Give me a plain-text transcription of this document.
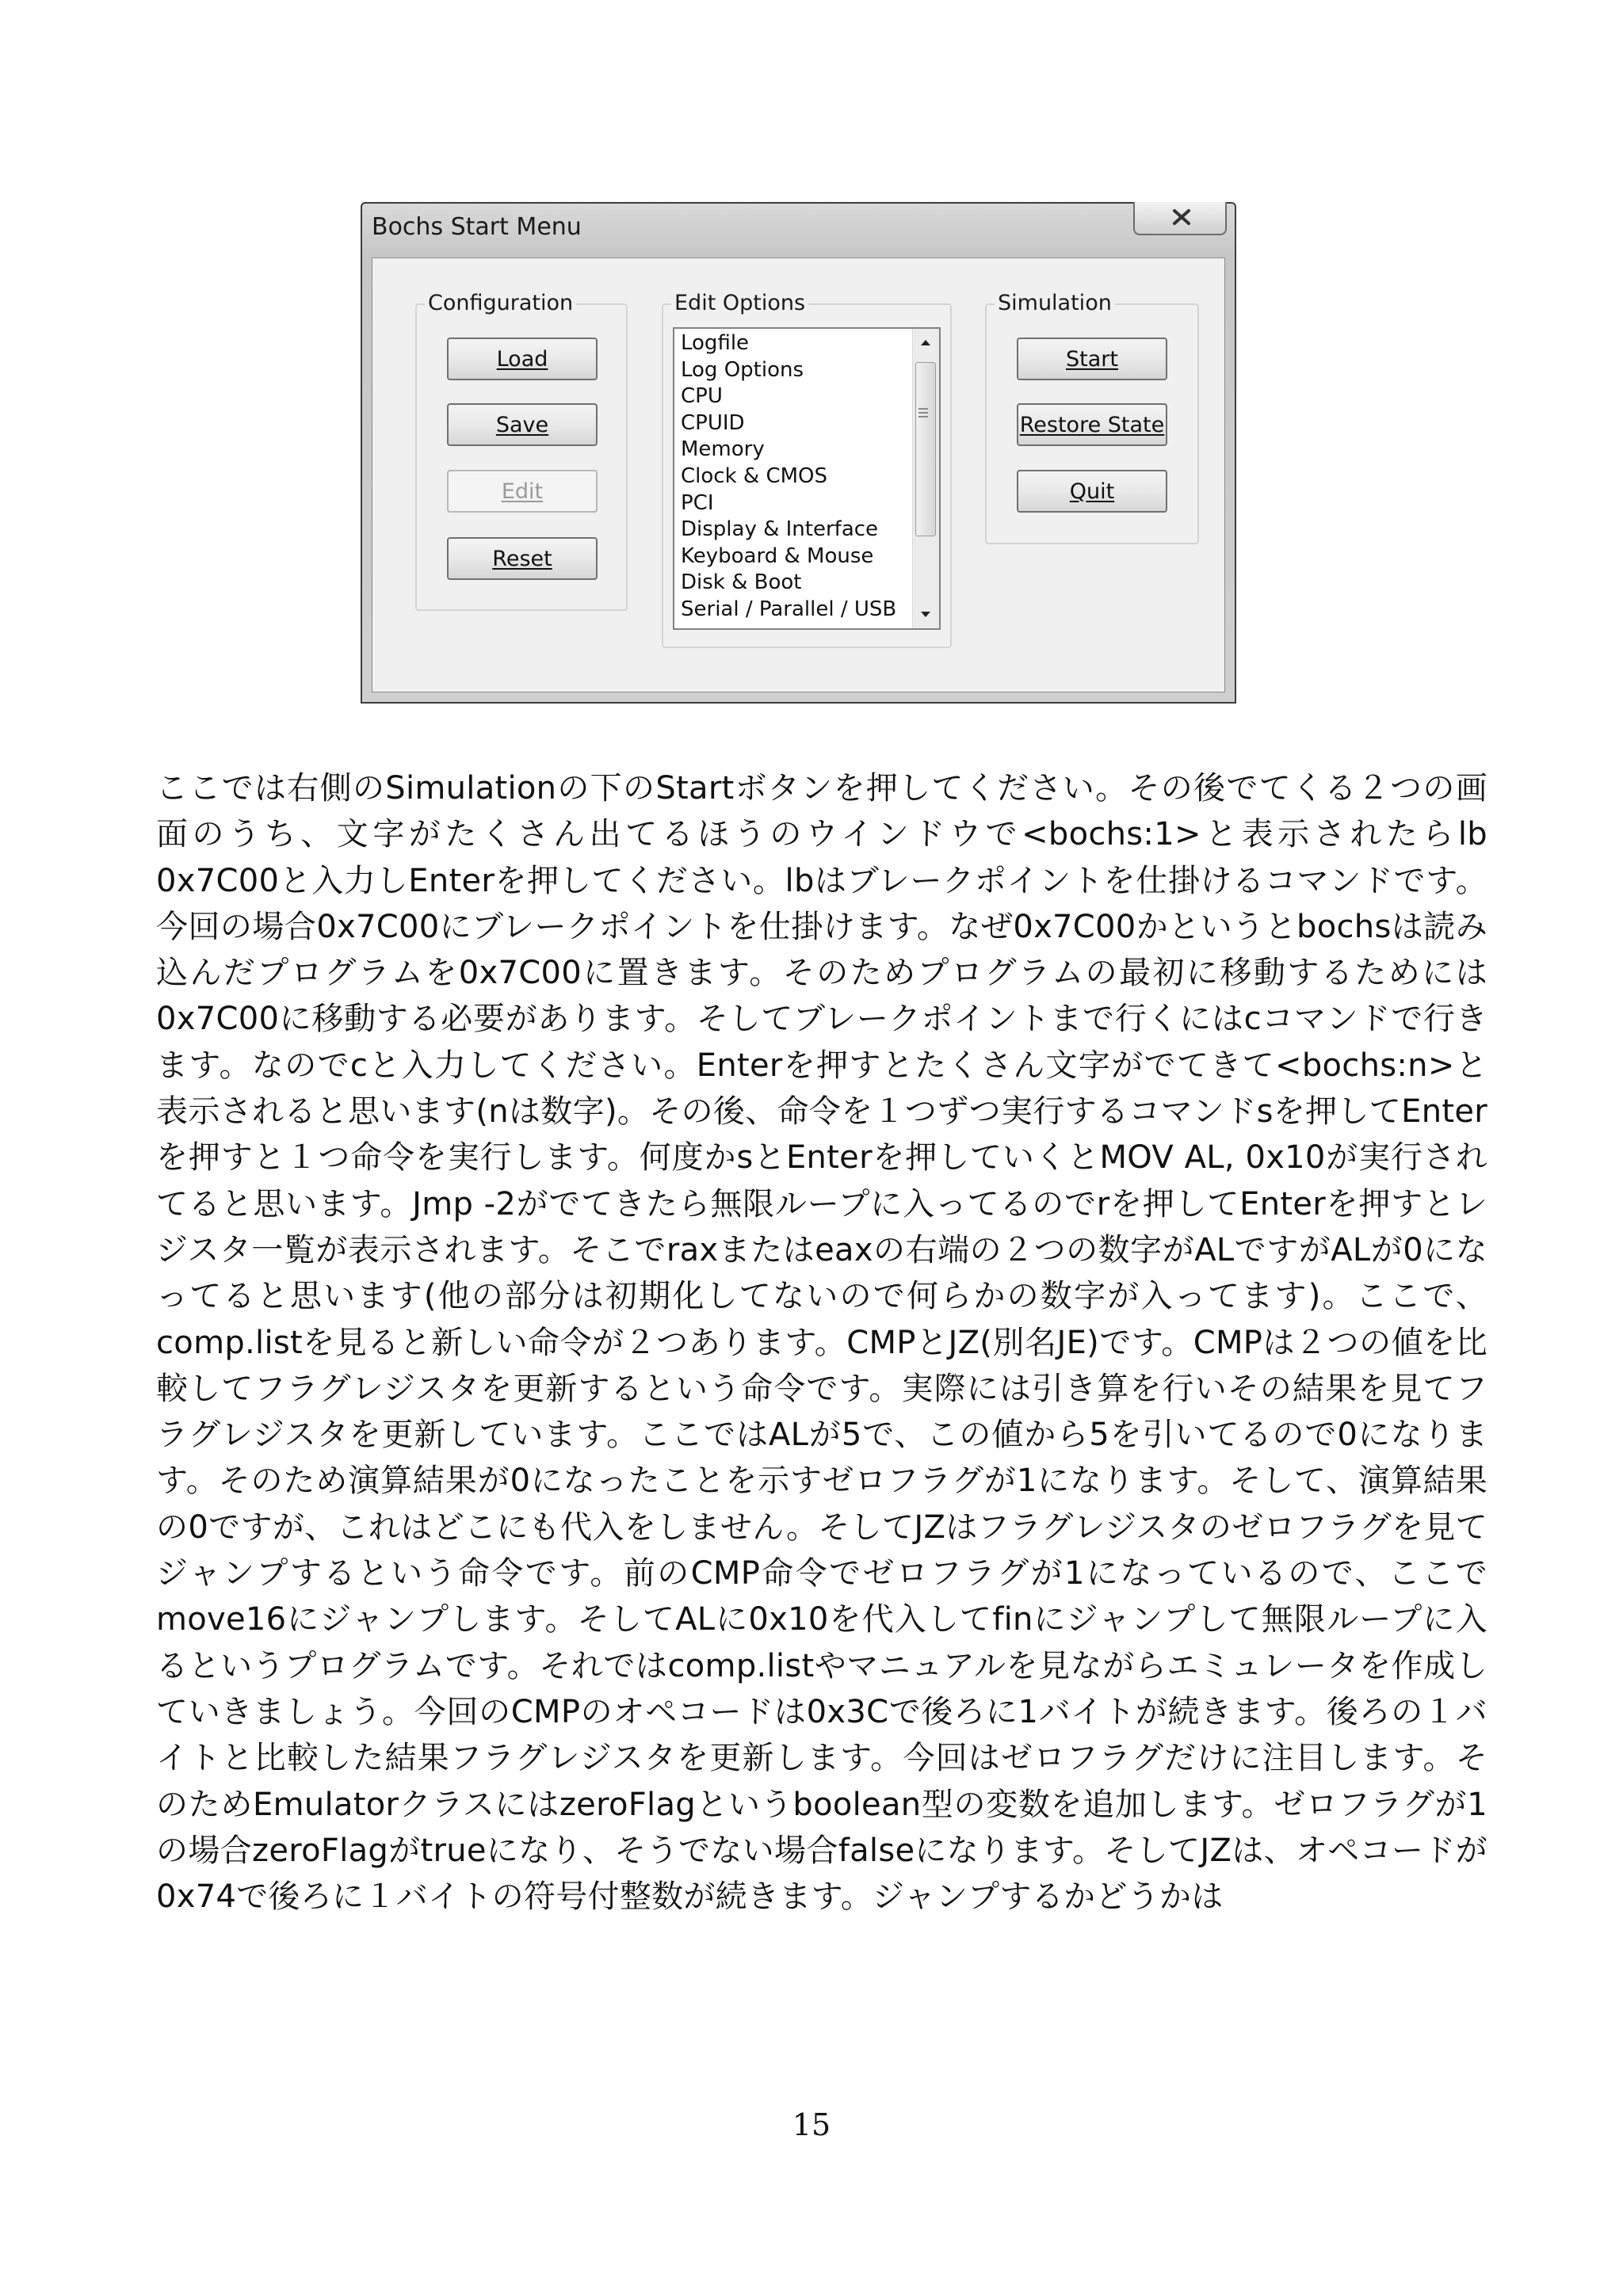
Bochs Start Menu
Configuration
Load
Save
Edit
Reset
Edit Options
Logfile
Log Options
CPU
CPUID
Memory
Clock & CMOS
PCI
Display & Interface
Keyboard & Mouse
Disk & Boot
Serial / Parallel / USB
Simulation
Start
Restore State
Quit

ここでは右側のSimulationの下のStartボタンを押してください。その後でてくる２つの画面のうち、文字がたくさん出てるほうのウインドウで<bochs:1>と表示されたらlb 0x7C00と入力しEnterを押してください。lbはブレークポイントを仕掛けるコマンドです。今回の場合0x7C00にブレークポイントを仕掛けます。なぜ0x7C00かというとbochsは読み込んだプログラムを0x7C00に置きます。そのためプログラムの最初に移動するためには0x7C00に移動する必要があります。そしてブレークポイントまで行くにはcコマンドで行きます。なのでcと入力してください。Enterを押すとたくさん文字がでてきて<bochs:n>と表示されると思います(nは数字)。その後、命令を１つずつ実行するコマンドsを押してEnterを押すと１つ命令を実行します。何度かsとEnterを押していくとMOV AL, 0x10が実行されてると思います。Jmp -2がでてきたら無限ループに入ってるのでrを押してEnterを押すとレジスタ一覧が表示されます。そこでraxまたはeaxの右端の２つの数字がALですがALが0になってると思います(他の部分は初期化してないので何らかの数字が入ってます)。ここで、comp.listを見ると新しい命令が２つあります。CMPとJZ(別名JE)です。CMPは２つの値を比較してフラグレジスタを更新するという命令です。実際には引き算を行いその結果を見てフラグレジスタを更新しています。ここではALが5で、この値から5を引いてるので0になります。そのため演算結果が0になったことを示すゼロフラグが1になります。そして、演算結果の0ですが、これはどこにも代入をしません。そしてJZはフラグレジスタのゼロフラグを見てジャンプするという命令です。前のCMP命令でゼロフラグが1になっているので、ここでmove16にジャンプします。そしてALに0x10を代入してfinにジャンプして無限ループに入るというプログラムです。それではcomp.listやマニュアルを見ながらエミュレータを作成していきましょう。今回のCMPのオペコードは0x3Cで後ろに1バイトが続きます。後ろの１バイトと比較した結果フラグレジスタを更新します。今回はゼロフラグだけに注目します。そのためEmulatorクラスにはzeroFlagというboolean型の変数を追加します。ゼロフラグが1の場合zeroFlagがtrueになり、そうでない場合falseになります。そしてJZは、オペコードが0x74で後ろに１バイトの符号付整数が続きます。ジャンプするかどうかは

15
